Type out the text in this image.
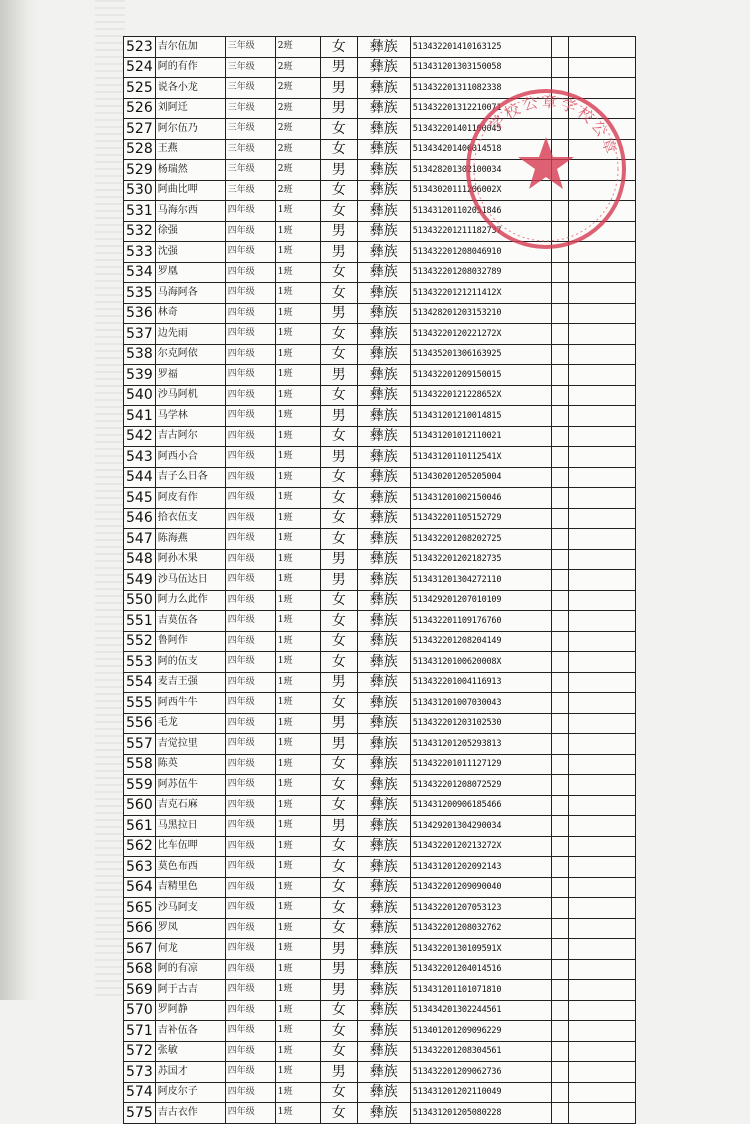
523	吉尔伍加	三年级	2班	女	彝族	513432201410163125		
524	阿的有作	三年级	2班	男	彝族	513431201303150058		
525	说各小龙	三年级	2班	男	彝族	513432201311082338		
526	刘阿迁	三年级	2班	男	彝族	513432201312210071		
527	阿尔伍乃	三年级	2班	女	彝族	513432201401100045		
528	王燕	三年级	2班	女	彝族	513434201406014518		
529	杨瑞然	三年级	2班	男	彝族	513428201302100034		
530	阿曲比呷	三年级	2班	女	彝族	51343020111206002X		
531	马海尔西	四年级	1班	女	彝族	513431201102051846		
532	徐强	四年级	1班	男	彝族	513432201211182737		
533	沈强	四年级	1班	男	彝族	513432201208046910		
534	罗凰	四年级	1班	女	彝族	513432201208032789		
535	马海阿各	四年级	1班	女	彝族	51343220121211412X		
536	林奇	四年级	1班	男	彝族	513428201203153210		
537	边先雨	四年级	1班	女	彝族	51343220120221272X		
538	尔克阿依	四年级	1班	女	彝族	513435201306163925		
539	罗福	四年级	1班	男	彝族	513432201209150015		
540	沙马阿机	四年级	1班	女	彝族	51343220121228652X		
541	马学林	四年级	1班	男	彝族	513431201210014815		
542	吉古阿尔	四年级	1班	女	彝族	513431201012110021		
543	阿西小合	四年级	1班	男	彝族	51343120110112541X		
544	吉子么日各	四年级	1班	女	彝族	513430201205205004		
545	阿皮有作	四年级	1班	女	彝族	513431201002150046		
546	拾衣伍支	四年级	1班	女	彝族	513432201105152729		
547	陈海燕	四年级	1班	女	彝族	513432201208202725		
548	阿孙木果	四年级	1班	男	彝族	513432201202182735		
549	沙马伍达日	四年级	1班	男	彝族	513431201304272110		
550	阿力么此作	四年级	1班	女	彝族	513429201207010109		
551	吉莫伍各	四年级	1班	女	彝族	513432201109176760		
552	鲁阿作	四年级	1班	女	彝族	513432201208204149		
553	阿的伍支	四年级	1班	女	彝族	51343120100620008X		
554	麦吉王强	四年级	1班	男	彝族	513432201004116913		
555	阿西牛牛	四年级	1班	女	彝族	513431201007030043		
556	毛龙	四年级	1班	男	彝族	513432201203102530		
557	吉觉拉里	四年级	1班	男	彝族	513431201205293813		
558	陈英	四年级	1班	女	彝族	513432201011127129		
559	阿苏伍牛	四年级	1班	女	彝族	513432201208072529		
560	吉克石麻	四年级	1班	女	彝族	513431200906185466		
561	马黑拉日	四年级	1班	男	彝族	513429201304290034		
562	比车伍呷	四年级	1班	女	彝族	51343220120213272X		
563	莫色布西	四年级	1班	女	彝族	513431201202092143		
564	吉精里色	四年级	1班	女	彝族	513432201209090040		
565	沙马阿支	四年级	1班	女	彝族	513432201207053123		
566	罗凤	四年级	1班	女	彝族	513432201208032762		
567	何龙	四年级	1班	男	彝族	51343220130109591X		
568	阿的有凉	四年级	1班	男	彝族	513432201204014516		
569	阿于古吉	四年级	1班	男	彝族	513431201101071810		
570	罗阿静	四年级	1班	女	彝族	513434201302244561		
571	吉补伍各	四年级	1班	女	彝族	513401201209096229		
572	张敏	四年级	1班	女	彝族	513432201208304561		
573	苏国才	四年级	1班	男	彝族	513432201209062736		
574	阿皮尔子	四年级	1班	女	彝族	513431201202110049		
575	吉古衣作	四年级	1班	女	彝族	513431201205080228		
学校公章学校公章
